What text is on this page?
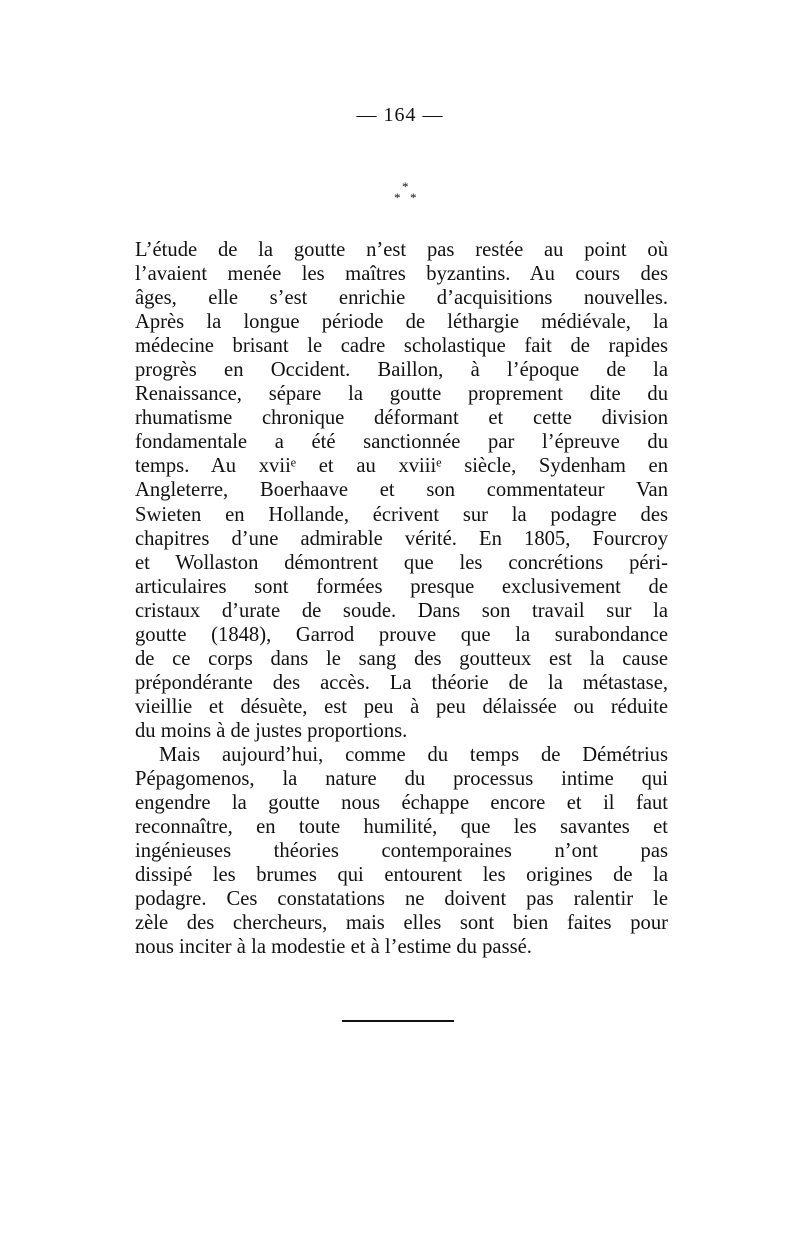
— 164 —
*
* *
L’étude de la goutte n’est pas restée au point où
l’avaient menée les maîtres byzantins. Au cours des
âges, elle s’est enrichie d’acquisitions nouvelles.
Après la longue période de léthargie médiévale, la
médecine brisant le cadre scholastique fait de rapides
progrès en Occident. Baillon, à l’époque de la
Renaissance, sépare la goutte proprement dite du
rhumatisme chronique déformant et cette division
fondamentale a été sanctionnée par l’épreuve du
temps. Au xviiᵉ et au xviiiᵉ siècle, Sydenham en
Angleterre, Boerhaave et son commentateur Van
Swieten en Hollande, écrivent sur la podagre des
chapitres d’une admirable vérité. En 1805, Fourcroy
et Wollaston démontrent que les concrétions péri-
articulaires sont formées presque exclusivement de
cristaux d’urate de soude. Dans son travail sur la
goutte (1848), Garrod prouve que la surabondance
de ce corps dans le sang des goutteux est la cause
prépondérante des accès. La théorie de la métastase,
vieillie et désuète, est peu à peu délaissée ou réduite
du moins à de justes proportions.
Mais aujourd’hui, comme du temps de Démétrius
Pépagomenos, la nature du processus intime qui
engendre la goutte nous échappe encore et il faut
reconnaître, en toute humilité, que les savantes et
ingénieuses théories contemporaines n’ont pas
dissipé les brumes qui entourent les origines de la
podagre. Ces constatations ne doivent pas ralentir le
zèle des chercheurs, mais elles sont bien faites pour
nous inciter à la modestie et à l’estime du passé.
